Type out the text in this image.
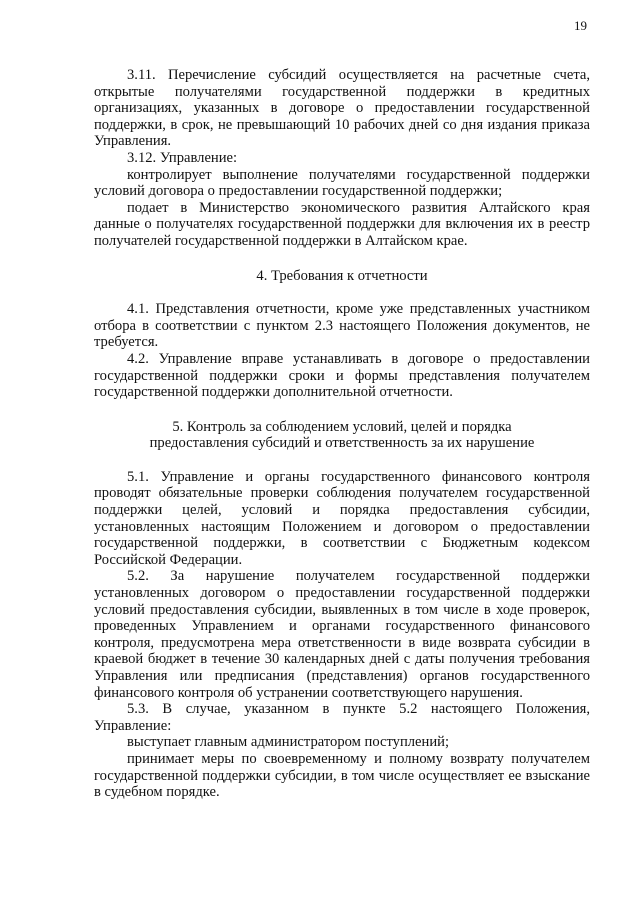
19

3.11. Перечисление субсидий осуществляется на расчетные счета, открытые получателями государственной поддержки в кредитных организациях, указанных в договоре о предоставлении государственной поддержки, в срок, не превышающий 10 рабочих дней со дня издания приказа Управления.

3.12. Управление:

контролирует выполнение получателями государственной поддержки условий договора о предоставлении государственной поддержки;

подает в Министерство экономического развития Алтайского края данные о получателях государственной поддержки для включения их в реестр получателей государственной поддержки в Алтайском крае.

4. Требования к отчетности

4.1. Представления отчетности, кроме уже представленных участником отбора в соответствии с пунктом 2.3 настоящего Положения документов, не требуется.

4.2. Управление вправе устанавливать в договоре о предоставлении государственной поддержки сроки и формы представления получателем государственной поддержки дополнительной отчетности.

5. Контроль за соблюдением условий, целей и порядка
предоставления субсидий и ответственность за их нарушение

5.1. Управление и органы государственного финансового контроля проводят обязательные проверки соблюдения получателем государственной поддержки целей, условий и порядка предоставления субсидии, установленных настоящим Положением и договором о предоставлении государственной поддержки, в соответствии с Бюджетным кодексом Российской Федерации.

5.2. За нарушение получателем государственной поддержки установленных договором о предоставлении государственной поддержки условий предоставления субсидии, выявленных в том числе в ходе проверок, проведенных Управлением и органами государственного финансового контроля, предусмотрена мера ответственности в виде возврата субсидии в краевой бюджет в течение 30 календарных дней с даты получения требования Управления или предписания (представления) органов государственного финансового контроля об устранении соответствующего нарушения.

5.3. В случае, указанном в пункте 5.2 настоящего Положения, Управление:

выступает главным администратором поступлений;

принимает меры по своевременному и полному возврату получателем государственной поддержки субсидии, в том числе осуществляет ее взыскание в судебном порядке.
